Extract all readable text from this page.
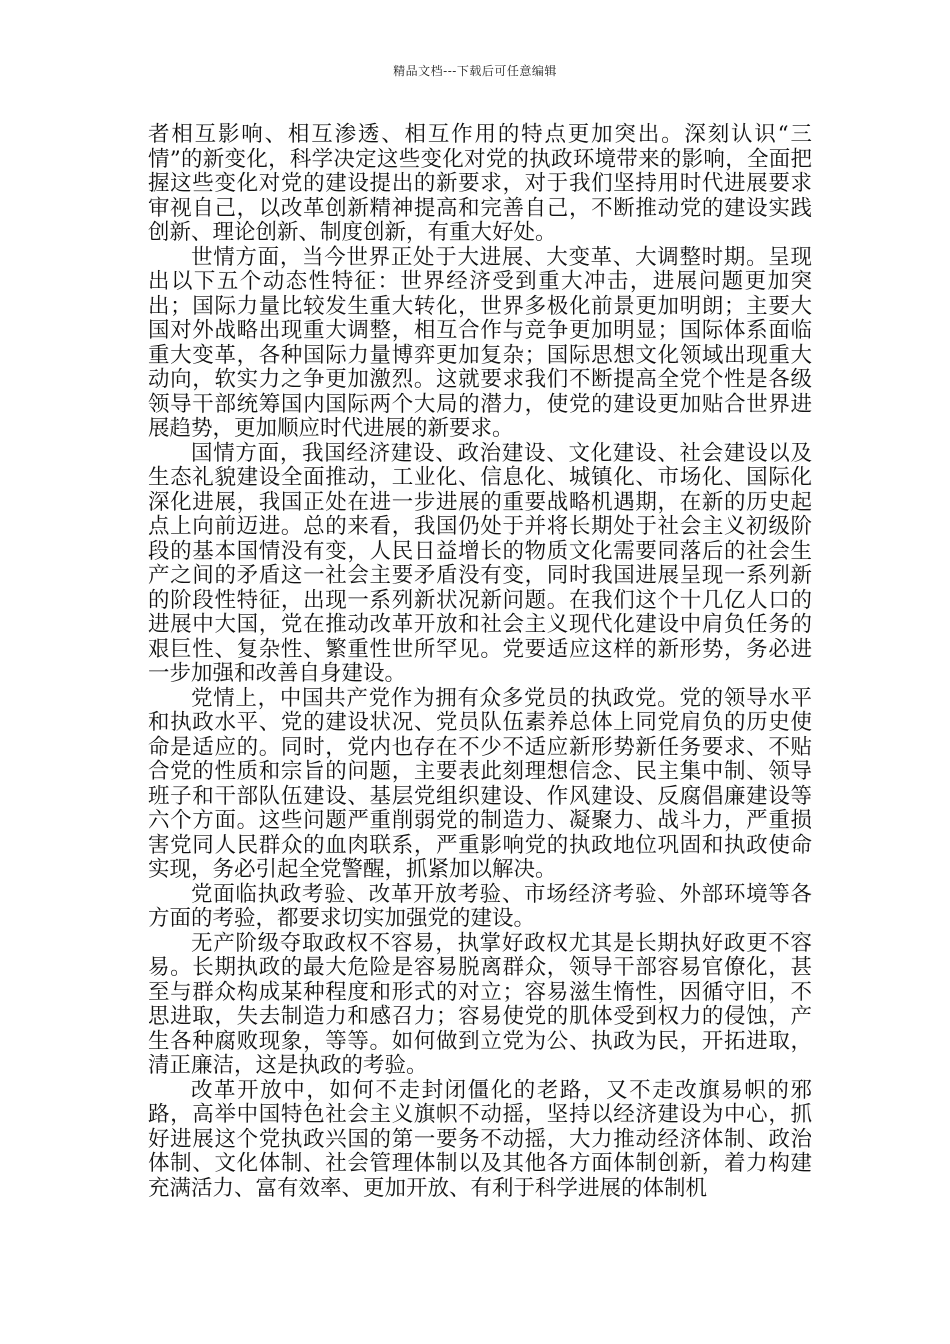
精品文档---下载后可任意编辑

者相互影响、相互渗透、相互作用的特点更加突出。深刻认识“三情”的新变化，科学决定这些变化对党的执政环境带来的影响，全面把握这些变化对党的建设提出的新要求，对于我们坚持用时代进展要求审视自己，以改革创新精神提高和完善自己，不断推动党的建设实践创新、理论创新、制度创新，有重大好处。

世情方面，当今世界正处于大进展、大变革、大调整时期。呈现出以下五个动态性特征：世界经济受到重大冲击，进展问题更加突出；国际力量比较发生重大转化，世界多极化前景更加明朗；主要大国对外战略出现重大调整，相互合作与竞争更加明显；国际体系面临重大变革，各种国际力量博弈更加复杂；国际思想文化领域出现重大动向，软实力之争更加激烈。这就要求我们不断提高全党个性是各级领导干部统筹国内国际两个大局的潜力，使党的建设更加贴合世界进展趋势，更加顺应时代进展的新要求。

国情方面，我国经济建设、政治建设、文化建设、社会建设以及生态礼貌建设全面推动，工业化、信息化、城镇化、市场化、国际化深化进展，我国正处在进一步进展的重要战略机遇期，在新的历史起点上向前迈进。总的来看，我国仍处于并将长期处于社会主义初级阶段的基本国情没有变，人民日益增长的物质文化需要同落后的社会生产之间的矛盾这一社会主要矛盾没有变，同时我国进展呈现一系列新的阶段性特征，出现一系列新状况新问题。在我们这个十几亿人口的进展中大国，党在推动改革开放和社会主义现代化建设中肩负任务的艰巨性、复杂性、繁重性世所罕见。党要适应这样的新形势，务必进一步加强和改善自身建设。

党情上，中国共产党作为拥有众多党员的执政党。党的领导水平和执政水平、党的建设状况、党员队伍素养总体上同党肩负的历史使命是适应的。同时，党内也存在不少不适应新形势新任务要求、不贴合党的性质和宗旨的问题，主要表此刻理想信念、民主集中制、领导班子和干部队伍建设、基层党组织建设、作风建设、反腐倡廉建设等六个方面。这些问题严重削弱党的制造力、凝聚力、战斗力，严重损害党同人民群众的血肉联系，严重影响党的执政地位巩固和执政使命实现，务必引起全党警醒，抓紧加以解决。

党面临执政考验、改革开放考验、市场经济考验、外部环境等各方面的考验，都要求切实加强党的建设。

无产阶级夺取政权不容易，执掌好政权尤其是长期执好政更不容易。长期执政的最大危险是容易脱离群众，领导干部容易官僚化，甚至与群众构成某种程度和形式的对立；容易滋生惰性，因循守旧，不思进取，失去制造力和感召力；容易使党的肌体受到权力的侵蚀，产生各种腐败现象，等等。如何做到立党为公、执政为民，开拓进取，清正廉洁，这是执政的考验。

改革开放中，如何不走封闭僵化的老路，又不走改旗易帜的邪路，高举中国特色社会主义旗帜不动摇，坚持以经济建设为中心，抓好进展这个党执政兴国的第一要务不动摇，大力推动经济体制、政治体制、文化体制、社会管理体制以及其他各方面体制创新，着力构建充满活力、富有效率、更加开放、有利于科学进展的体制机
